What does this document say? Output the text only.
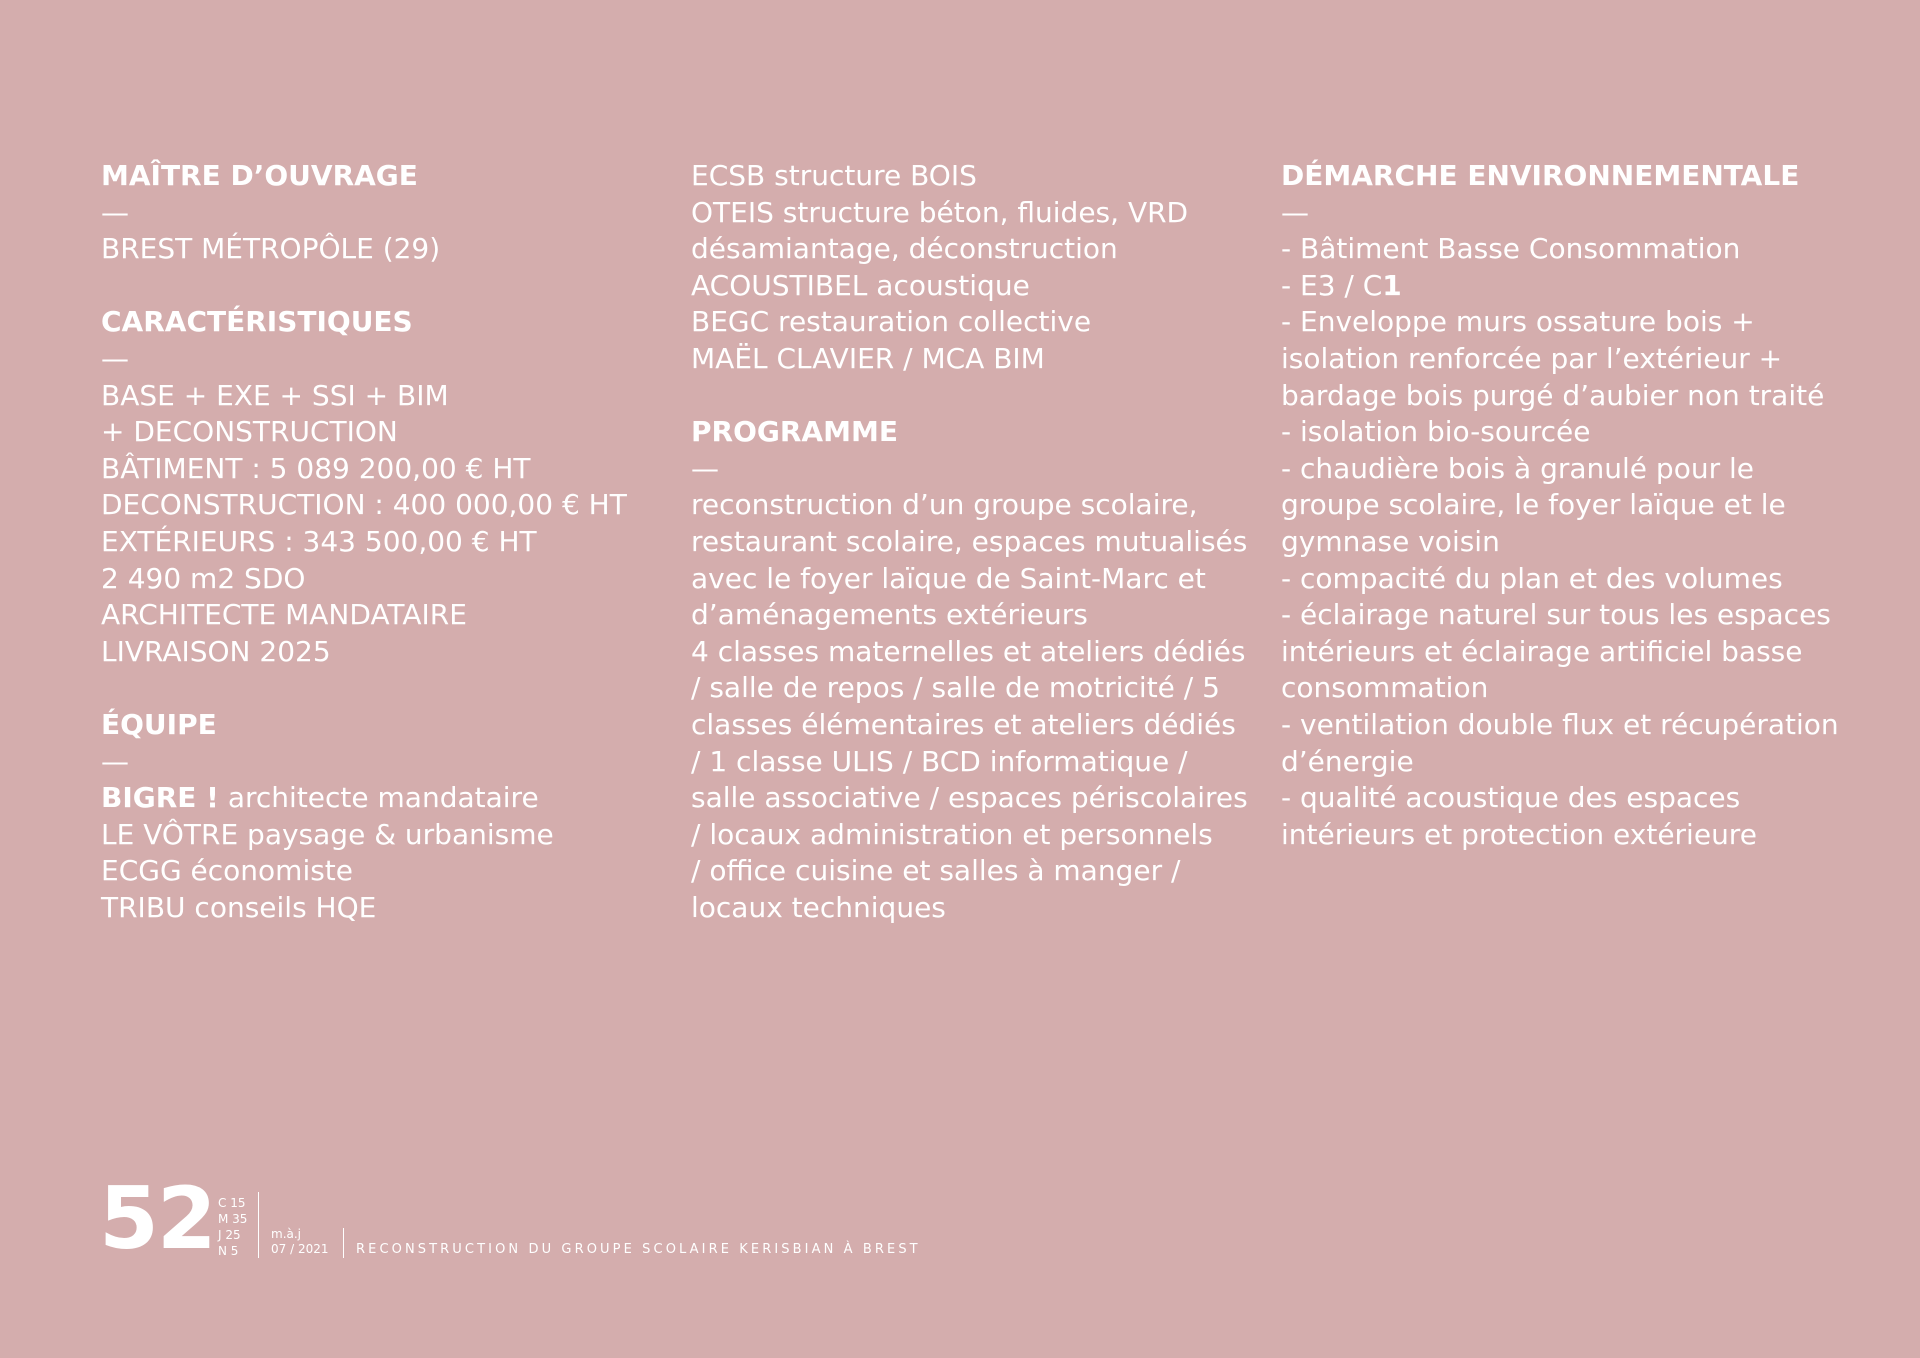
MAÎTRE D’OUVRAGE
—
BREST MÉTROPÔLE (29)
CARACTÉRISTIQUES
—
BASE + EXE + SSI + BIM
+ DECONSTRUCTION
BÂTIMENT : 5 089 200,00 € HT
DECONSTRUCTION : 400 000,00 € HT
EXTÉRIEURS : 343 500,00 € HT
2 490 m2 SDO
ARCHITECTE MANDATAIRE
LIVRAISON 2025
ÉQUIPE
—
BIGRE ! architecte mandataire
LE VÔTRE paysage & urbanisme
ECGG économiste
TRIBU conseils HQE
ECSB structure BOIS
OTEIS structure béton, fluides, VRD
désamiantage, déconstruction
ACOUSTIBEL acoustique
BEGC restauration collective
MAËL CLAVIER / MCA BIM
PROGRAMME
—
reconstruction d’un groupe scolaire,
restaurant scolaire, espaces mutualisés
avec le foyer laïque de Saint-Marc et
d’aménagements extérieurs
4 classes maternelles et ateliers dédiés
/ salle de repos / salle de motricité / 5
classes élémentaires et ateliers dédiés
/ 1 classe ULIS / BCD informatique /
salle associative / espaces périscolaires
/ locaux administration et personnels
/ office cuisine et salles à manger /
locaux techniques
DÉMARCHE ENVIRONNEMENTALE
—
- Bâtiment Basse Consommation
- E3 / C1
- Enveloppe murs ossature bois +
isolation renforcée par l’extérieur +
bardage bois purgé d’aubier non traité
- isolation bio-sourcée
- chaudière bois à granulé pour le
groupe scolaire, le foyer laïque et le
gymnase voisin
- compacité du plan et des volumes
- éclairage naturel sur tous les espaces
intérieurs et éclairage artificiel basse
consommation
- ventilation double flux et récupération
d’énergie
- qualité acoustique des espaces
intérieurs et protection extérieure
52 C 15
M 35
J 25
N 5
m.à.j
07 / 2021 RECONSTRUCTION DU GROUPE SCOLAIRE KERISBIAN À BREST
